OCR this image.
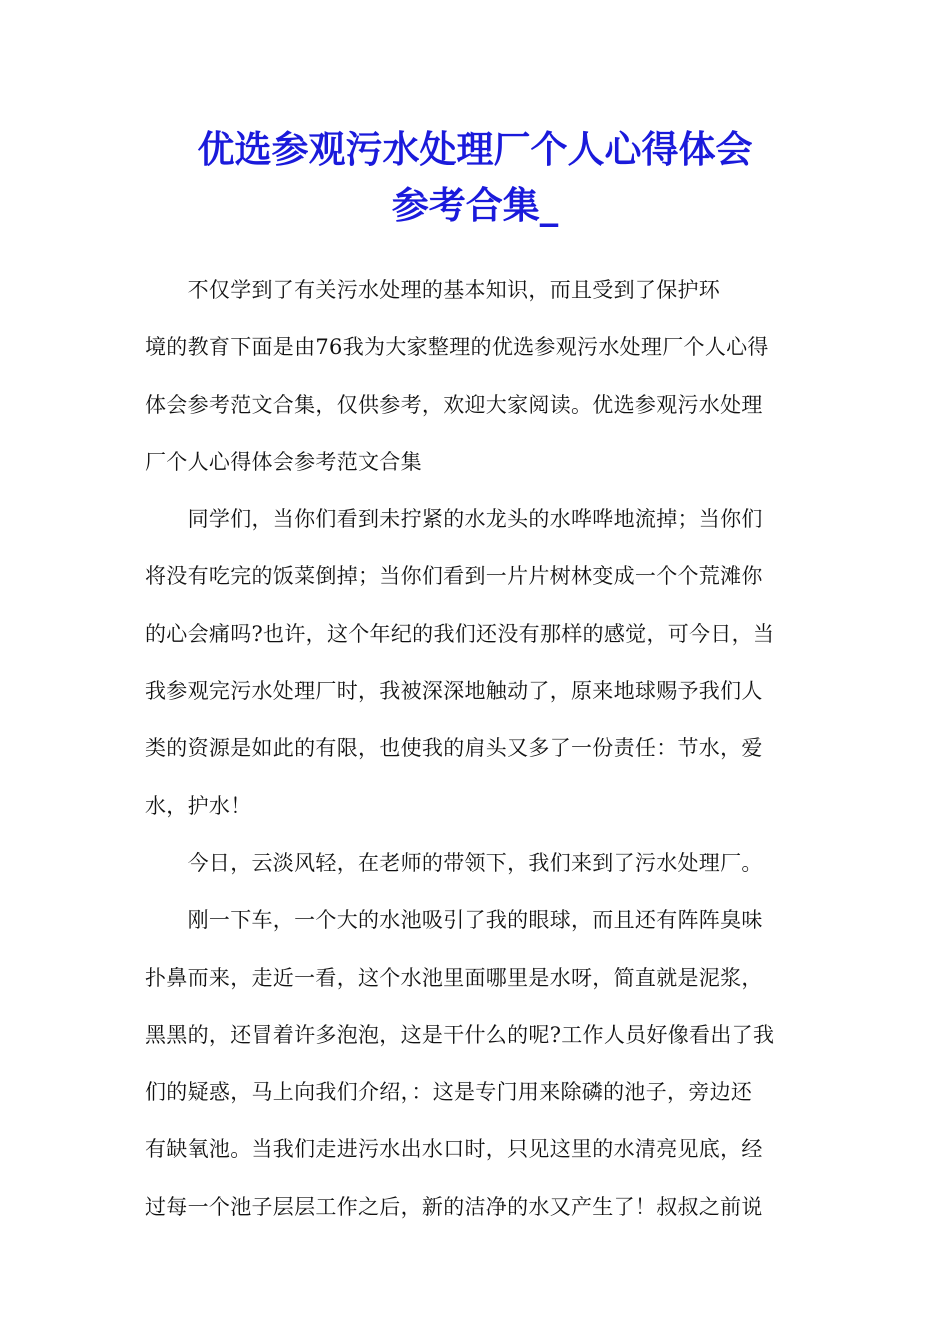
优选参观污水处理厂个人心得体会
参考合集_
　　不仅学到了有关污水处理的基本知识，而且受到了保护环
境的教育下面是由76我为大家整理的优选参观污水处理厂个人心得
体会参考范文合集，仅供参考，欢迎大家阅读。优选参观污水处理
厂个人心得体会参考范文合集
　　同学们，当你们看到未拧紧的水龙头的水哗哗地流掉；当你们
将没有吃完的饭菜倒掉；当你们看到一片片树林变成一个个荒滩你
的心会痛吗?也许，这个年纪的我们还没有那样的感觉，可今日，当
我参观完污水处理厂时，我被深深地触动了，原来地球赐予我们人
类的资源是如此的有限，也使我的肩头又多了一份责任：节水，爱
水，护水！
　　今日，云淡风轻，在老师的带领下，我们来到了污水处理厂。
　　刚一下车，一个大的水池吸引了我的眼球，而且还有阵阵臭味
扑鼻而来，走近一看，这个水池里面哪里是水呀，简直就是泥浆，
黑黑的，还冒着许多泡泡，这是干什么的呢?工作人员好像看出了我
们的疑惑，马上向我们介绍，：这是专门用来除磷的池子，旁边还
有缺氧池。当我们走进污水出水口时，只见这里的水清亮见底，经
过每一个池子层层工作之后，新的洁净的水又产生了！叔叔之前说
